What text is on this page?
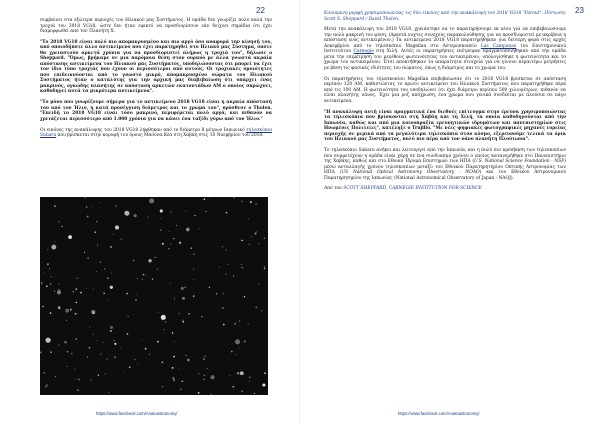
22

συμβαίνει στα εξώτερα περιοχές του Ηλιακού μας Συστήματος. Η ομάδα δεν γνωρίζει πολύ καλά την τροχιά του 2018 VG18, ώστε δεν ήταν εφικτό να προσδιορίσουν εάν δείχνει σημάδια ότι έχει διαμορφωθεί από τον Πλανήτη Χ.

"Το 2018 VG18 είναι πολύ πιο απομακρυσμένο και πιο αργό όσο αναφορά την κίνησή του, από οποιοδήποτε άλλο αντικείμενο που έχει παρατηρηθεί στο Ηλιακό μας Σύστημα, οπότε θα χρειαστούν αρκετά χρόνια για να προσδιοριστεί πλήρως η τροχιά του", δήλωσε ο Sheppard. "Όμως, βρήκαμε σε μια παρόμοια θέση στον ουρανό με άλλα γνωστά ακραία απόστασης αντικείμενα του Ηλιακού μας Συστήματος, υποδηλώνοντας ότι μπορεί να έχει τον ίδιο τύπο τροχιάς που έχουν οι περισσότεροι από αυτούς. Οι τροχιακές ομοιότητες που επιδεικνύονται από το γνωστό μικρό, απομακρυσμένο σώματα του Ηλιακού Συστήματος ήταν ο καταλύτης για την αρχική μας διαβεβαίωση ότι υπάρχει ένας μακρινός, ογκώδης πλανήτης σε απόσταση αρκετών εκατοντάδων ΑΜ ο οποίος σπρώχνει, καθοδηγεί αυτά τα μικρότερα αντικείμενα".

"Το μόνο που γνωρίζουμε σήμερα για το αντικείμενο 2018 VG18 είναι η ακραία απόστασή του από τον Ήλιο, η κατά προσέγγιση διάμετρος και το χρώμα του", πρόσθεσε ο Tholen. "Επειδή το 2018 VG18 είναι τόσο μακρινό, περιφέρεται πολύ αργά, και πιθανόν να χρειάζεται περισσότερο από 1.000 χρόνια για να κάνει ένα ταξίδι γύρω από τον Ήλιο."

Οι εικόνες της ανακάλυψης του 2018 VG18 λήφθηκαν από το διάμετρο 8 μέτρων Ιαπωνικό τηλεσκόπιο Subaru που βρίσκεται στην κορυφή του όρους Μαούνα Κέα στη Χαβάη στις 10 Νοεμβρίου του 2018.

https://www.facebook.com/Anatoastronomy/
23

Κινούμενη μορφή χρησιμοποιώντας τις δύο εικόνες από την ανακάλυψη του 2018 VG18 "Farout". Πίστωση: Scott S. Sheppard / David Tholen.

Μετά την ανακάλυψη του 2018 VG18, χρειάστηκε να το παρατηρήσουμε εκ νέου για να επιβεβαιώσουμε την πολύ μακρινή του φύση. (Αρκετά νυχτες συνεχούς παρακολούθησης για να προσδιοριστεί με ακρίβεια η απόσταση ενός αντικειμένου.) Τα αντικείμενα 2018 VG18 παρατηρήθηκαν για δεύτερη φορά στις αρχές Δεκεμβρίου από το τηλεσκόπιο Magellan στο Αστεροσκοπείο Las Campanas του Επιστημονικού Ινστιτούτου Carnegie στη Χιλή. Αυτές οι παρατηρήσεις επέτρεψαν πραγματοποιήθηκαν από την ομάδα μετα την επιμέτρηση του μεγέθους φωτεινότητας του αντικειμένου, υπολογίσθηκε η φωτεινότητα και το χρώμα του αντικειμένου. Έτσι αποκτήθηκαν τα απαραίτητα στοιχεία για να γίνουν περαιτέρω μετρήσεις με βάση τις φασικές ιδιότητες του σώματος, όπως η διάμετρος και το χρώμα του.

Οι παρατηρήσεις του τηλεσκοπίου Magellan επιβεβαίωσαν ότι το 2018 VG18 βρίσκεται σε απόσταση περίπου 120 AM, καθιστώντας το πρώτο αντικείμενο του Ηλιακού Συστήματος που παρατηρήθηκε πέρα από τις 100 AM. Η φωτεινότητα του υποδηλώνει ότι έχει διάμετρο περίπου 500 χιλιομέτρων, πιθανόν να είναι πλανήτης νάνος. Έχει μια ροζ απόχρωση, ένα χρώμα που γενικά συνδέεται με πλούσια σε πάγο αντικείμενα.

"Η ανακάλυψη αυτή είναι πραγματικά ένα διεθνές επίτευγμα στην έρευνα χρησιμοποιώντας τα τηλεσκόπια που βρίσκονται στη Χαβάη και τη Χιλή, τα οποία καθοδηγούνται από την Ιαπωνία, καθώς και από μια κοινοπραξία ερευνητικών ιδρυμάτων και πανεπιστημίων στις Ηνωμένες Πολιτείες", κατέληξε ο Trujillo. "Με νέες ψηφιακές φωτογραφικές μηχανές ευρείας περιοχής σε μερικά από τα μεγαλύτερα τηλεσκόπια στον κόσμο, εξερευνούμε τελικά τα όρια του Ηλιακού μας Συστήματος, πολύ πιο πέρα από τον νάνο πλανήτη Πλούτωνα".

Το τηλεσκόπιο Subaru ανήκει και λειτουργεί από την Ιαπωνία, και η πολύ πιο πρόσβαση των τηλεσκοπίων που συμμετέχουν η ομάδα είναι χάρη σε ένα συνδυασμό χρόνου ο οποίος κατανεμήθηκε στο Πανεπιστήμιο της Χαβάης, καθώς και στο Εθνικό Ίδρυμα Επιστημών των ΗΠΑ (U.S. National Science Foundation - NSF) μέσω ανταλλαγής χρόνου τηλεσκοπίων μεταξύ του Εθνικού Παρατηρητηρίου Οπτικής Αστρονομίας των ΗΠΑ (US National Optical Astronomy Observatory - NOAO) και του Εθνικού Αστρονομικού Παρατηρητηρίου της Ιαπωνίας (National Astronomical Observatory of Japan - NAOJ).

Από τον SCOTT SHEPPARD, CARNEGIE INSTITUTION FOR SCIENCE

https://www.facebook.com/Anatoastronomy/
